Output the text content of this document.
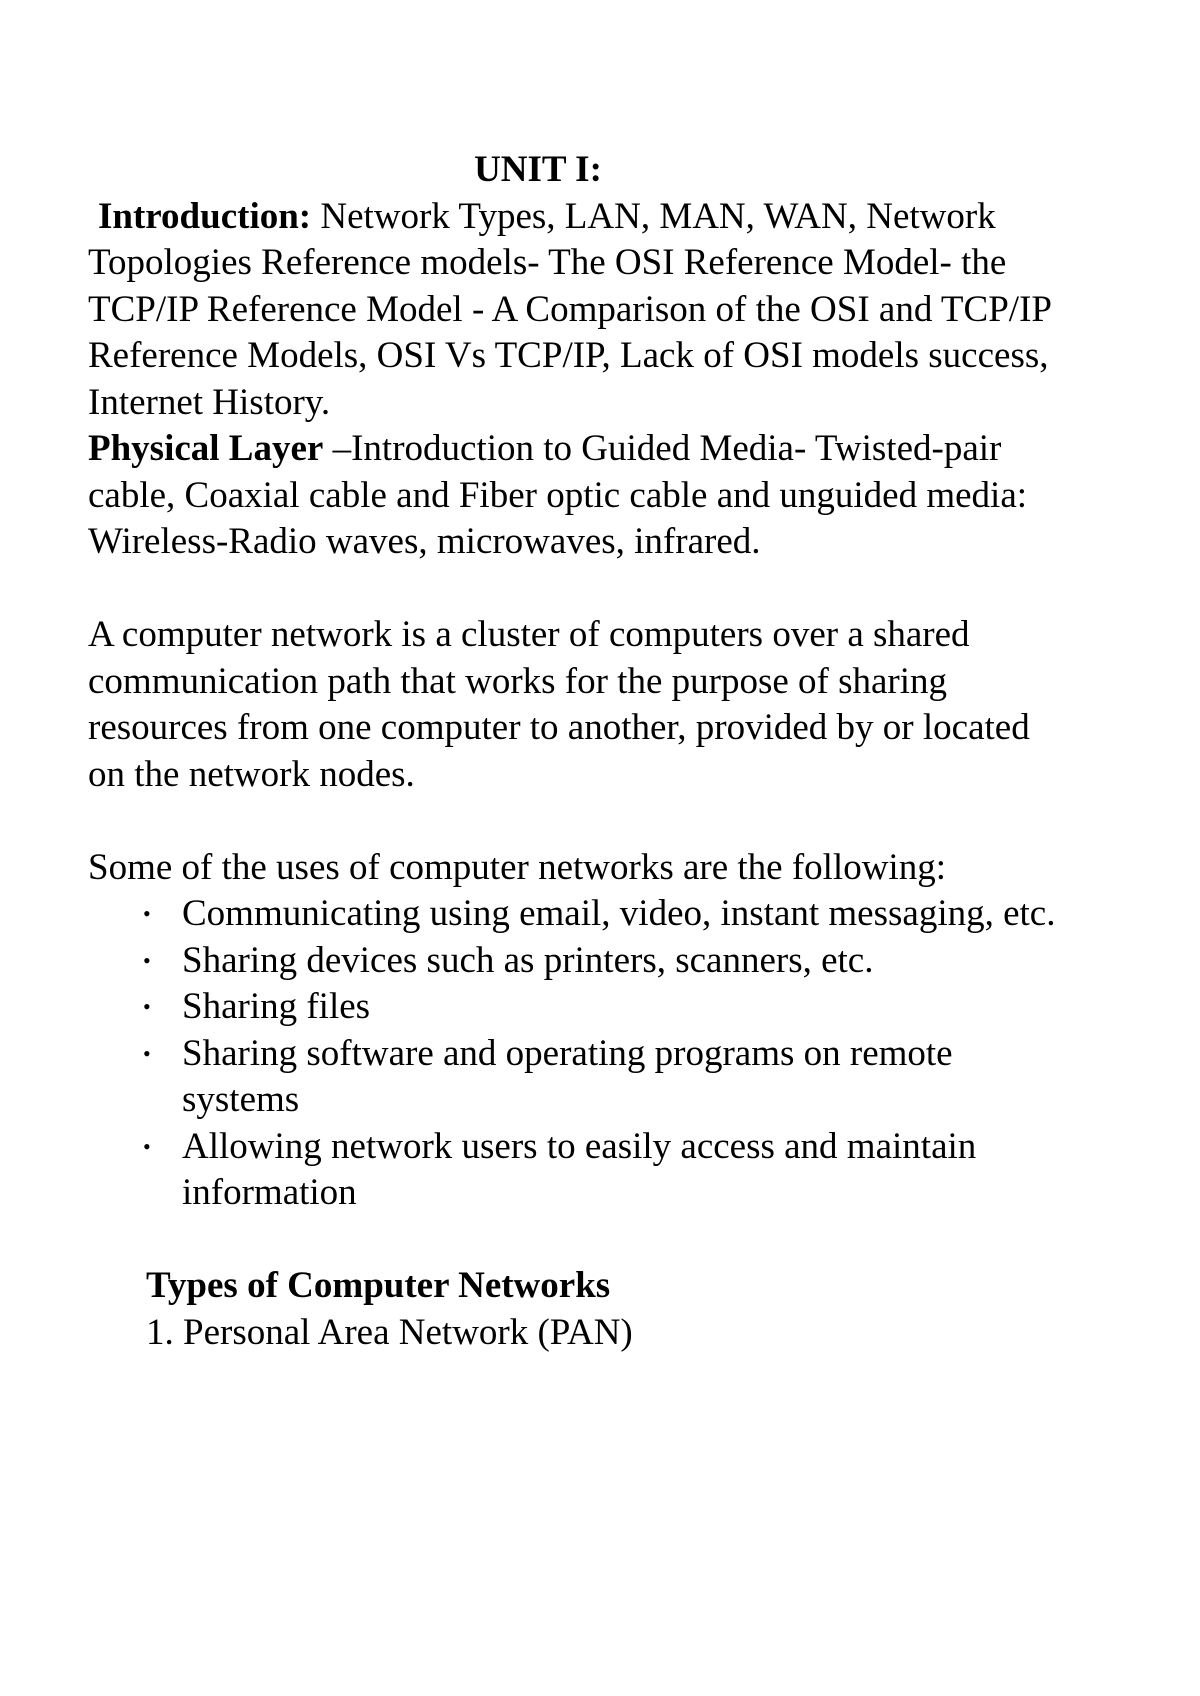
UNIT I:

Introduction: Network Types, LAN, MAN, WAN, Network Topologies Reference models- The OSI Reference Model- the TCP/IP Reference Model - A Comparison of the OSI and TCP/IP Reference Models, OSI Vs TCP/IP, Lack of OSI models success, Internet History.

Physical Layer –Introduction to Guided Media- Twisted-pair cable, Coaxial cable and Fiber optic cable and unguided media: Wireless-Radio waves, microwaves, infrared.

A computer network is a cluster of computers over a shared communication path that works for the purpose of sharing resources from one computer to another, provided by or located on the network nodes.

Some of the uses of computer networks are the following:

• Communicating using email, video, instant messaging, etc.
• Sharing devices such as printers, scanners, etc.
• Sharing files
• Sharing software and operating programs on remote systems
• Allowing network users to easily access and maintain information

Types of Computer Networks

1. Personal Area Network (PAN)
